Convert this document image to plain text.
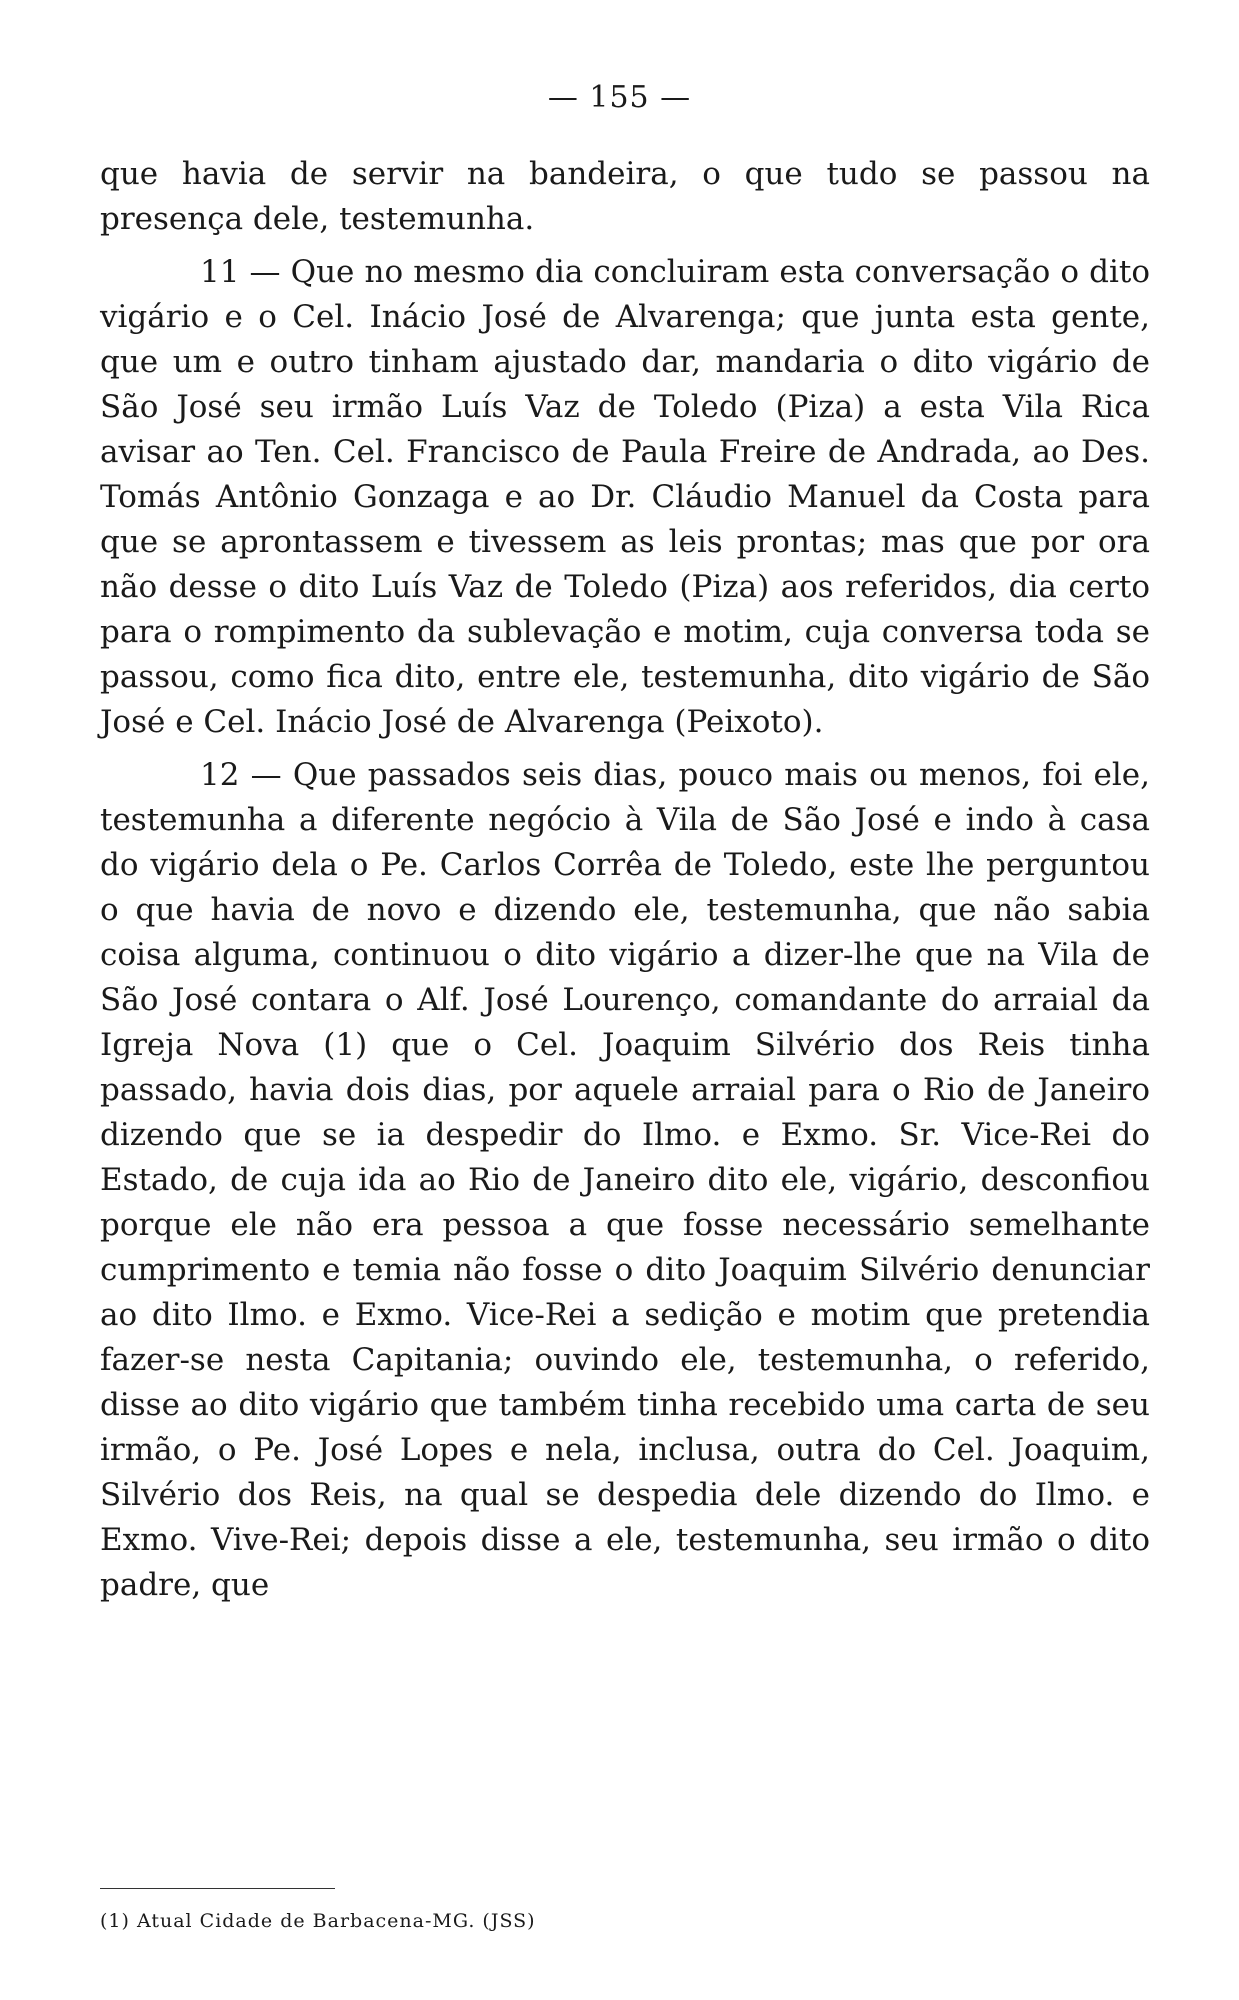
— 155 —

que havia de servir na bandeira, o que tudo se passou na presença dele, testemunha.

11 — Que no mesmo dia concluiram esta conversação o dito vigário e o Cel. Inácio José de Alvarenga; que junta esta gente, que um e outro tinham ajustado dar, mandaria o dito vigário de São José seu irmão Luís Vaz de Toledo (Piza) a esta Vila Rica avisar ao Ten. Cel. Francisco de Paula Freire de Andrada, ao Des. Tomás Antônio Gonzaga e ao Dr. Cláudio Manuel da Costa para que se aprontassem e tivessem as leis prontas; mas que por ora não desse o dito Luís Vaz de Toledo (Piza) aos referidos, dia certo para o rompimento da sublevação e motim, cuja conversa toda se passou, como fica dito, entre ele, testemunha, dito vigário de São José e Cel. Inácio José de Alvarenga (Peixoto).

12 — Que passados seis dias, pouco mais ou menos, foi ele, testemunha a diferente negócio à Vila de São José e indo à casa do vigário dela o Pe. Carlos Corrêa de Toledo, este lhe perguntou o que havia de novo e dizendo ele, testemunha, que não sabia coisa alguma, continuou o dito vigário a dizer-lhe que na Vila de São José contara o Alf. José Lourenço, comandante do arraial da Igreja Nova (1) que o Cel. Joaquim Silvério dos Reis tinha passado, havia dois dias, por aquele arraial para o Rio de Janeiro dizendo que se ia despedir do Ilmo. e Exmo. Sr. Vice-Rei do Estado, de cuja ida ao Rio de Janeiro dito ele, vigário, desconfiou porque ele não era pessoa a que fosse necessário semelhante cumprimento e temia não fosse o dito Joaquim Silvério denunciar ao dito Ilmo. e Exmo. Vice-Rei a sedição e motim que pretendia fazer-se nesta Capitania; ouvindo ele, testemunha, o referido, disse ao dito vigário que também tinha recebido uma carta de seu irmão, o Pe. José Lopes e nela, inclusa, outra do Cel. Joaquim, Silvério dos Reis, na qual se despedia dele dizendo do Ilmo. e Exmo. Vive-Rei; depois disse a ele, testemunha, seu irmão o dito padre, que

(1) Atual Cidade de Barbacena-MG. (JSS)
